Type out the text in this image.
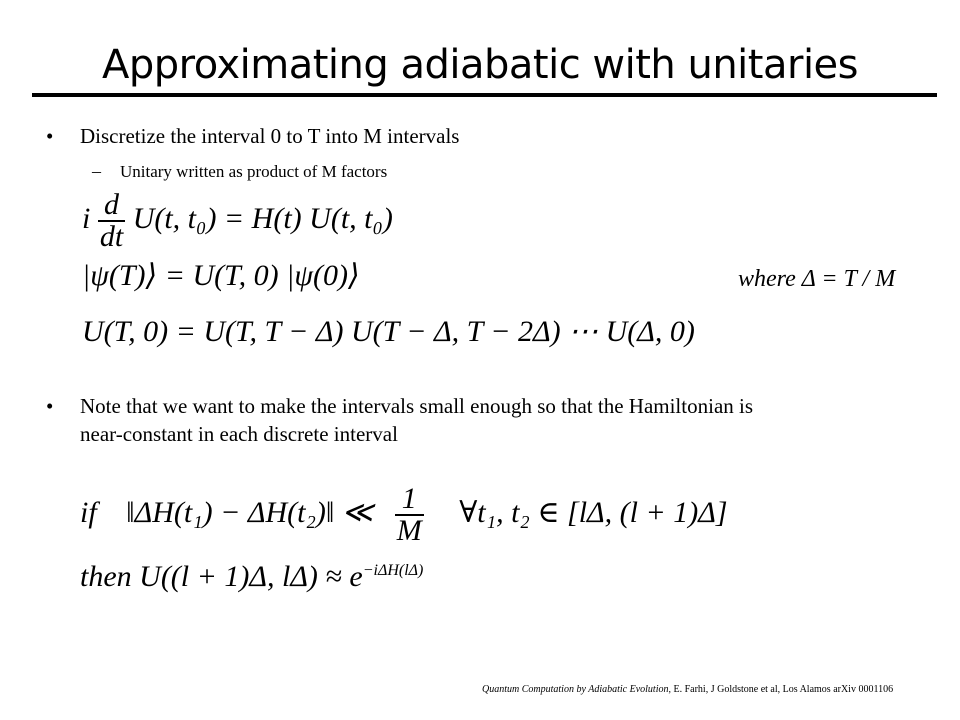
Approximating adiabatic with unitaries
• Discretize the interval 0 to T into M intervals
– Unitary written as product of M factors
i $\frac{d}{dt} U(t$, t₀) = H(t) U(t, t₀)
|ψ(T)⟩ = U(T, 0) |ψ(0)⟩	where Δ = T / M
U(T, 0) = U(T, T − Δ) U(T − Δ, T − 2Δ) ⋯ U(Δ, 0)
• Note that we want to make the intervals small enough so that the Hamiltonian is
near-constant in each discrete interval
if ‖ΔH(t₁) − ΔH(t₂)‖ ≪ $\frac{1}{M}$ ∀t₁, t₂ ∈ [lΔ, (l + 1)Δ]
then U((l + 1)Δ, $l\Delta) \approx e^{-i\Delta H(l\Delta)}$
Quantum Computation by Adiabatic Evolution, E. Farhi, J Goldstone et al, Los Alamos arXiv 0001106
